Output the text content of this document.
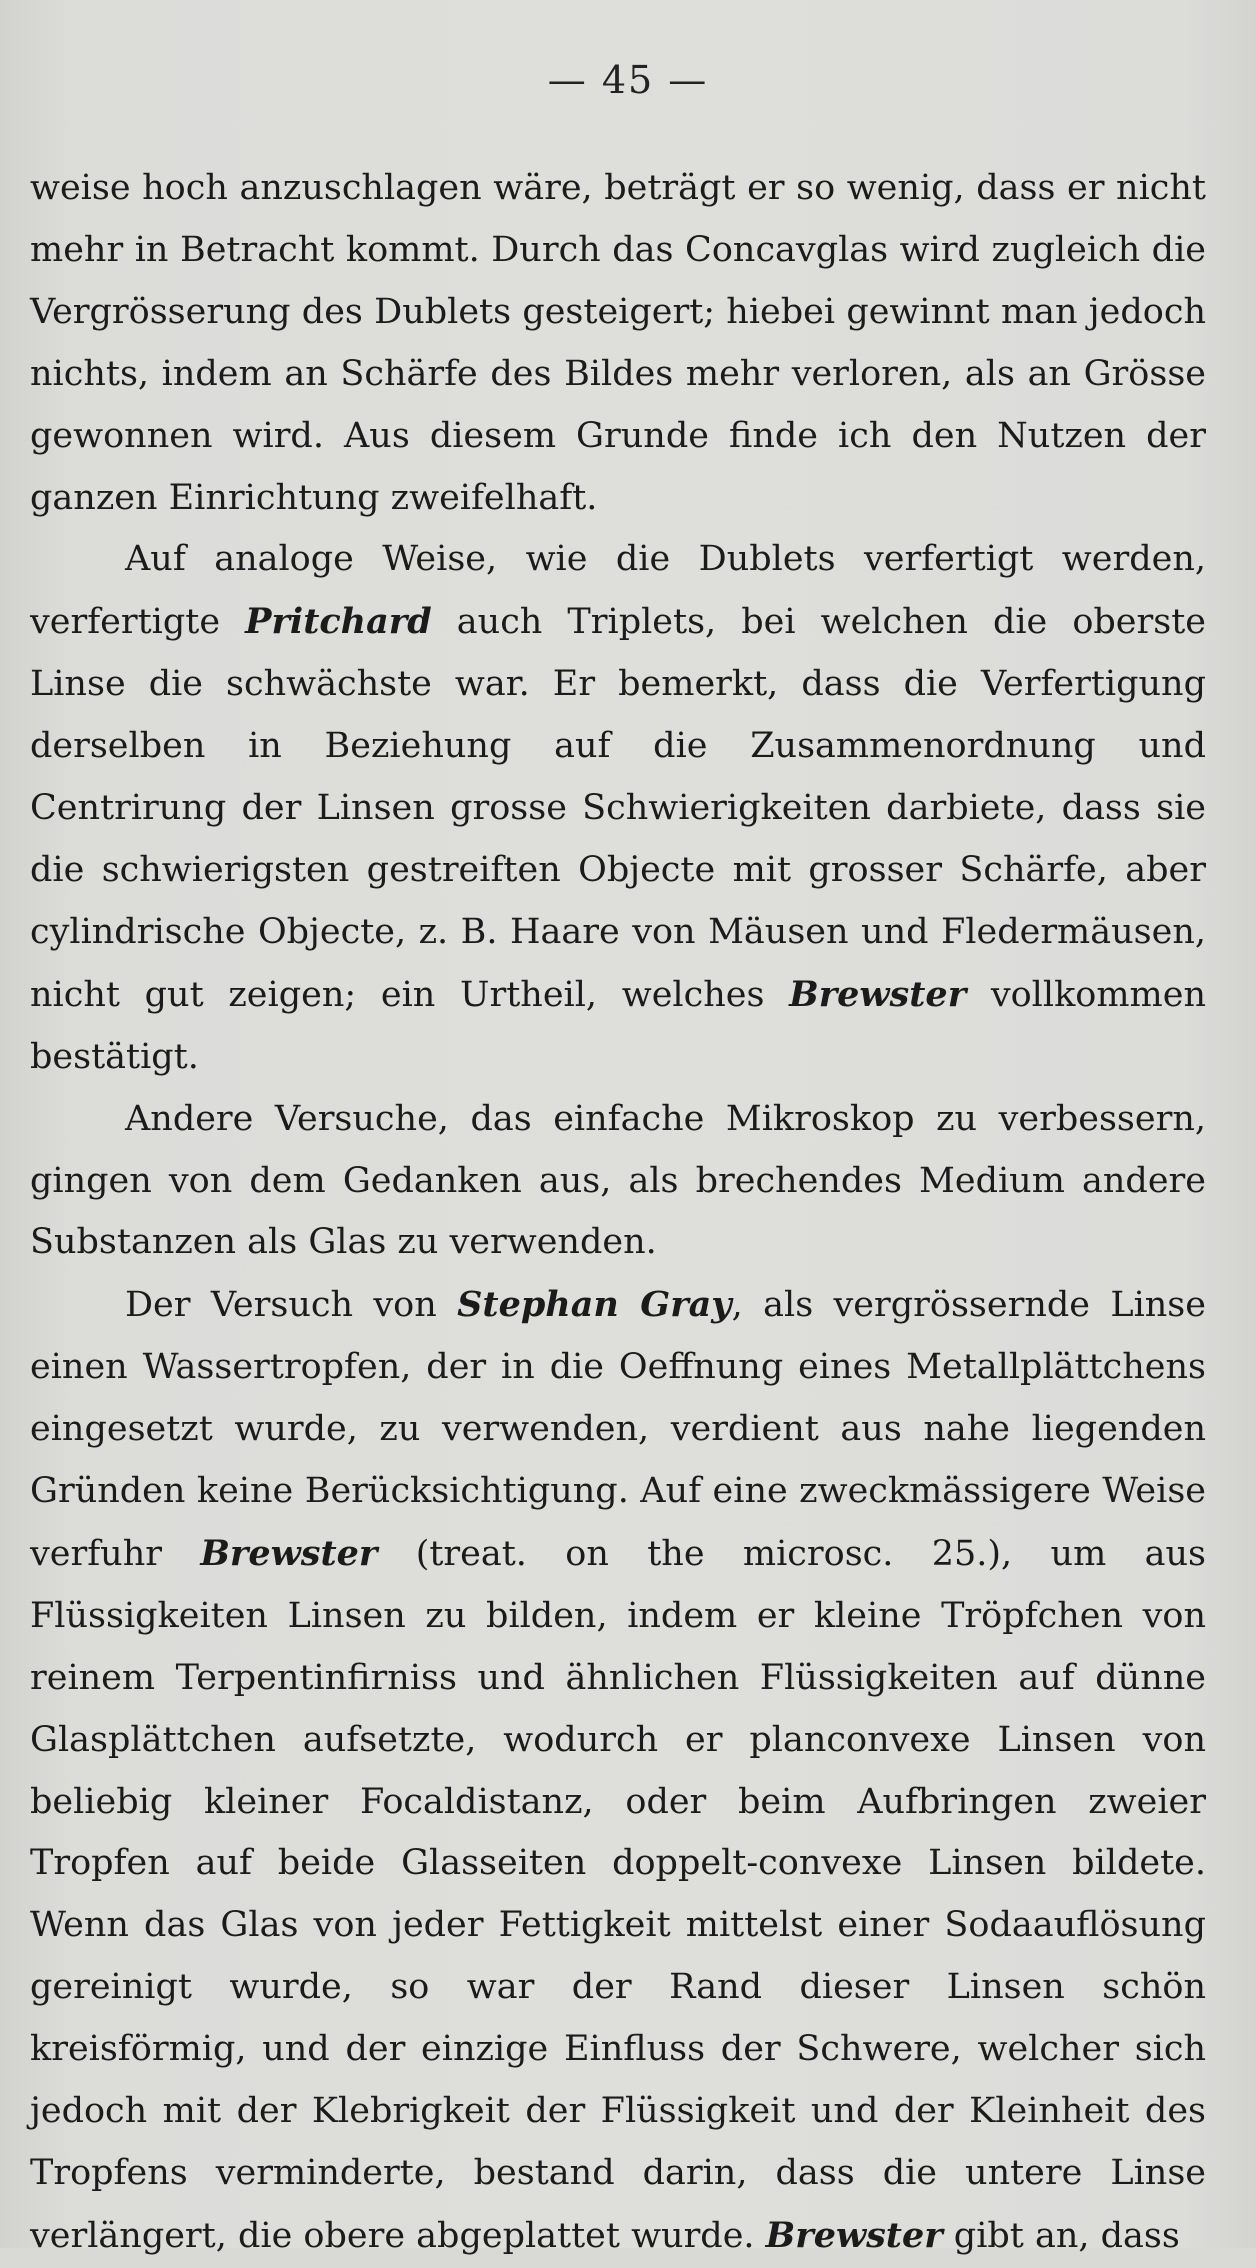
— 45 —

weise hoch anzuschlagen wäre, beträgt er so wenig, dass er nicht mehr in Betracht kommt. Durch das Concavglas wird zugleich die Vergrösserung des Dublets gesteigert; hiebei gewinnt man jedoch nichts, indem an Schärfe des Bildes mehr verloren, als an Grösse gewonnen wird. Aus diesem Grunde finde ich den Nutzen der ganzen Einrichtung zweifelhaft.

Auf analoge Weise, wie die Dublets verfertigt werden, verfertigte Pritchard auch Triplets, bei welchen die oberste Linse die schwächste war. Er bemerkt, dass die Verfertigung derselben in Beziehung auf die Zusammenordnung und Centrirung der Linsen grosse Schwierigkeiten darbiete, dass sie die schwierigsten gestreiften Objecte mit grosser Schärfe, aber cylindrische Objecte, z. B. Haare von Mäusen und Fledermäusen, nicht gut zeigen; ein Urtheil, welches Brewster vollkommen bestätigt.

Andere Versuche, das einfache Mikroskop zu verbessern, gingen von dem Gedanken aus, als brechendes Medium andere Substanzen als Glas zu verwenden.

Der Versuch von Stephan Gray, als vergrössernde Linse einen Wassertropfen, der in die Oeffnung eines Metallplättchens eingesetzt wurde, zu verwenden, verdient aus nahe liegenden Gründen keine Berücksichtigung. Auf eine zweckmässigere Weise verfuhr Brewster (treat. on the microsc. 25.), um aus Flüssigkeiten Linsen zu bilden, indem er kleine Tröpfchen von reinem Terpentinfirniss und ähnlichen Flüssigkeiten auf dünne Glasplättchen aufsetzte, wodurch er planconvexe Linsen von beliebig kleiner Focaldistanz, oder beim Aufbringen zweier Tropfen auf beide Glasseiten doppelt-convexe Linsen bildete. Wenn das Glas von jeder Fettigkeit mittelst einer Sodaauflösung gereinigt wurde, so war der Rand dieser Linsen schön kreisförmig, und der einzige Einfluss der Schwere, welcher sich jedoch mit der Klebrigkeit der Flüssigkeit und der Kleinheit des Tropfens verminderte, bestand darin, dass die untere Linse verlängert, die obere abgeplattet wurde. Brewster gibt an, dass
